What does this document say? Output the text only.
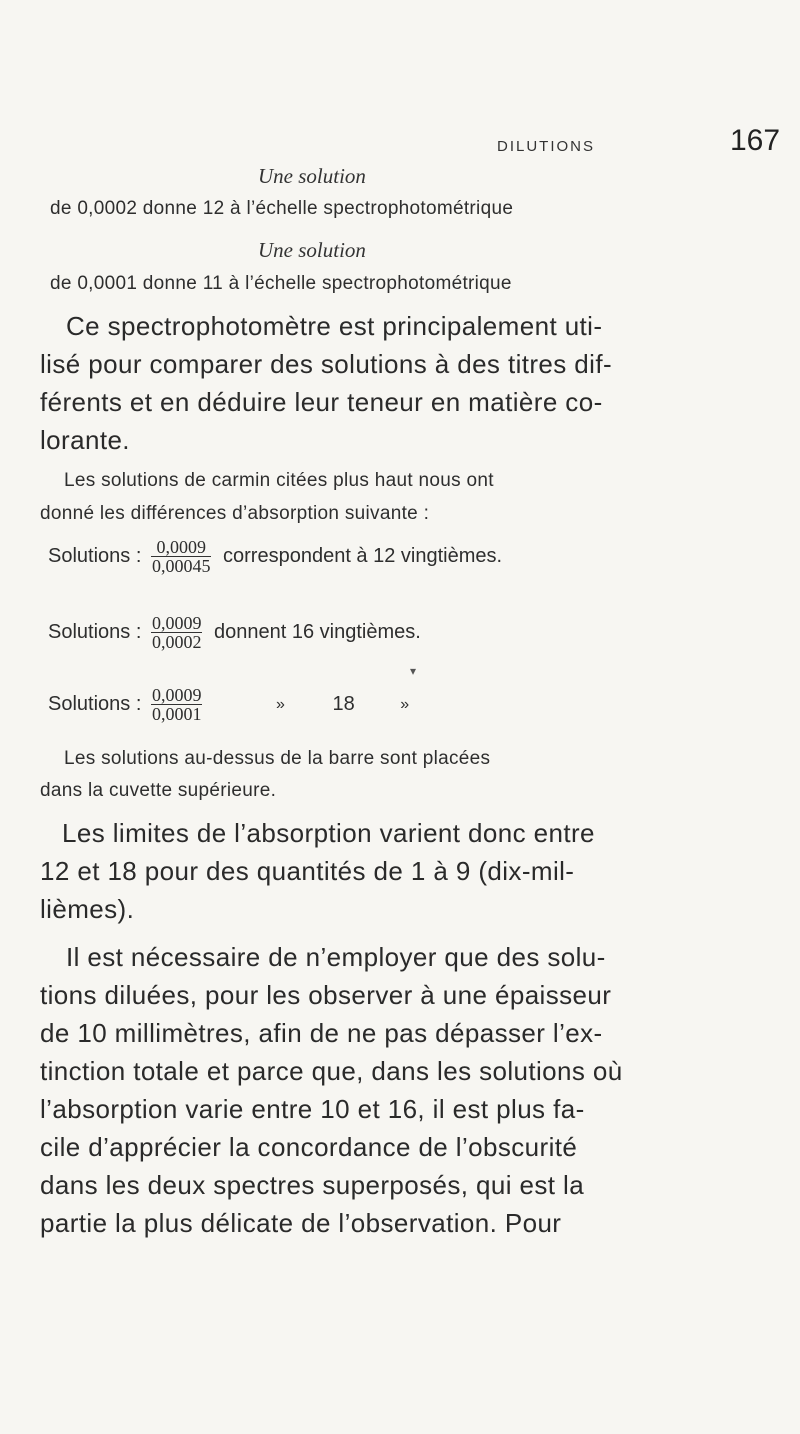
DILUTIONS	167
Une solution
de 0,0002 donne 12 à l’échelle spectrophotométrique
Une solution
de 0,0001 donne 11 à l’échelle spectrophotométrique
Ce spectrophotomètre est principalement uti-
lisé pour comparer des solutions à des titres dif-
férents et en déduire leur teneur en matière co-
lorante.
Les solutions de carmin citées plus haut nous ont
donné les différences d’absorption suivante :
Solutions : $\frac{0,0009}{0,00045}$ correspondent à 12 vingtièmes.
Solutions : $\frac{0,0009}{0,0002}$ donnent 16 vingtièmes.
▾
Solutions : $\frac{0,0009}{0,0001}$	» 18	»
Les solutions au-dessus de la barre sont placées
dans la cuvette supérieure.
Les limites de l’absorption varient donc entre
12 et 18 pour des quantités de 1 à 9 (dix-mil-
lièmes).
Il est nécessaire de n’employer que des solu-
tions diluées, pour les observer à une épaisseur
de 10 millimètres, afin de ne pas dépasser l’ex-
tinction totale et parce que, dans les solutions où
l’absorption varie entre 10 et 16, il est plus fa-
cile d’apprécier la concordance de l’obscurité
dans les deux spectres superposés, qui est la
partie la plus délicate de l’observation. Pour
